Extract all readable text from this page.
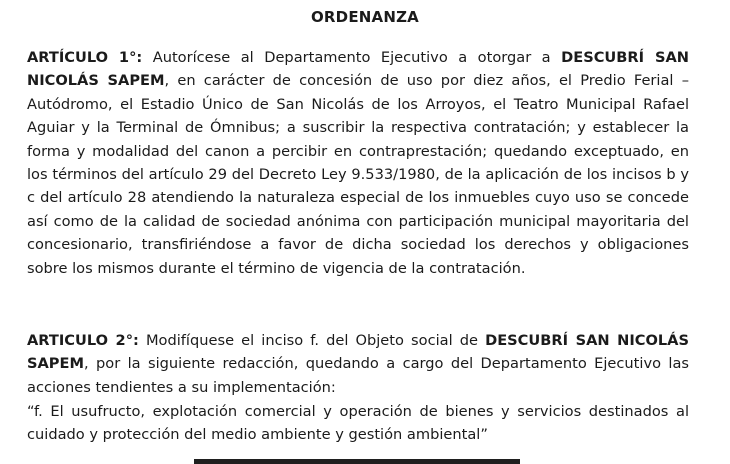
ORDENANZA

ARTÍCULO 1°: Autorícese al Departamento Ejecutivo a otorgar a DESCUBRÍ SAN NICOLÁS SAPEM, en carácter de concesión de uso por diez años, el Predio Ferial – Autódromo, el Estadio Único de San Nicolás de los Arroyos, el Teatro Municipal Rafael Aguiar y la Terminal de Ómnibus; a suscribir la respectiva contratación; y establecer la forma y modalidad del canon a percibir en contraprestación; quedando exceptuado, en los términos del artículo 29 del Decreto Ley 9.533/1980, de la aplicación de los incisos b y c del artículo 28 atendiendo la naturaleza especial de los inmuebles cuyo uso se concede así como de la calidad de sociedad anónima con participación municipal mayoritaria del concesionario, transfiriéndose a favor de dicha sociedad los derechos y obligaciones sobre los mismos durante el término de vigencia de la contratación.

ARTICULO 2°: Modifíquese el inciso f. del Objeto social de DESCUBRÍ SAN NICOLÁS SAPEM, por la siguiente redacción, quedando a cargo del Departamento Ejecutivo las acciones tendientes a su implementación:

“f. El usufructo, explotación comercial y operación de bienes y servicios destinados al cuidado y protección del medio ambiente y gestión ambiental”
